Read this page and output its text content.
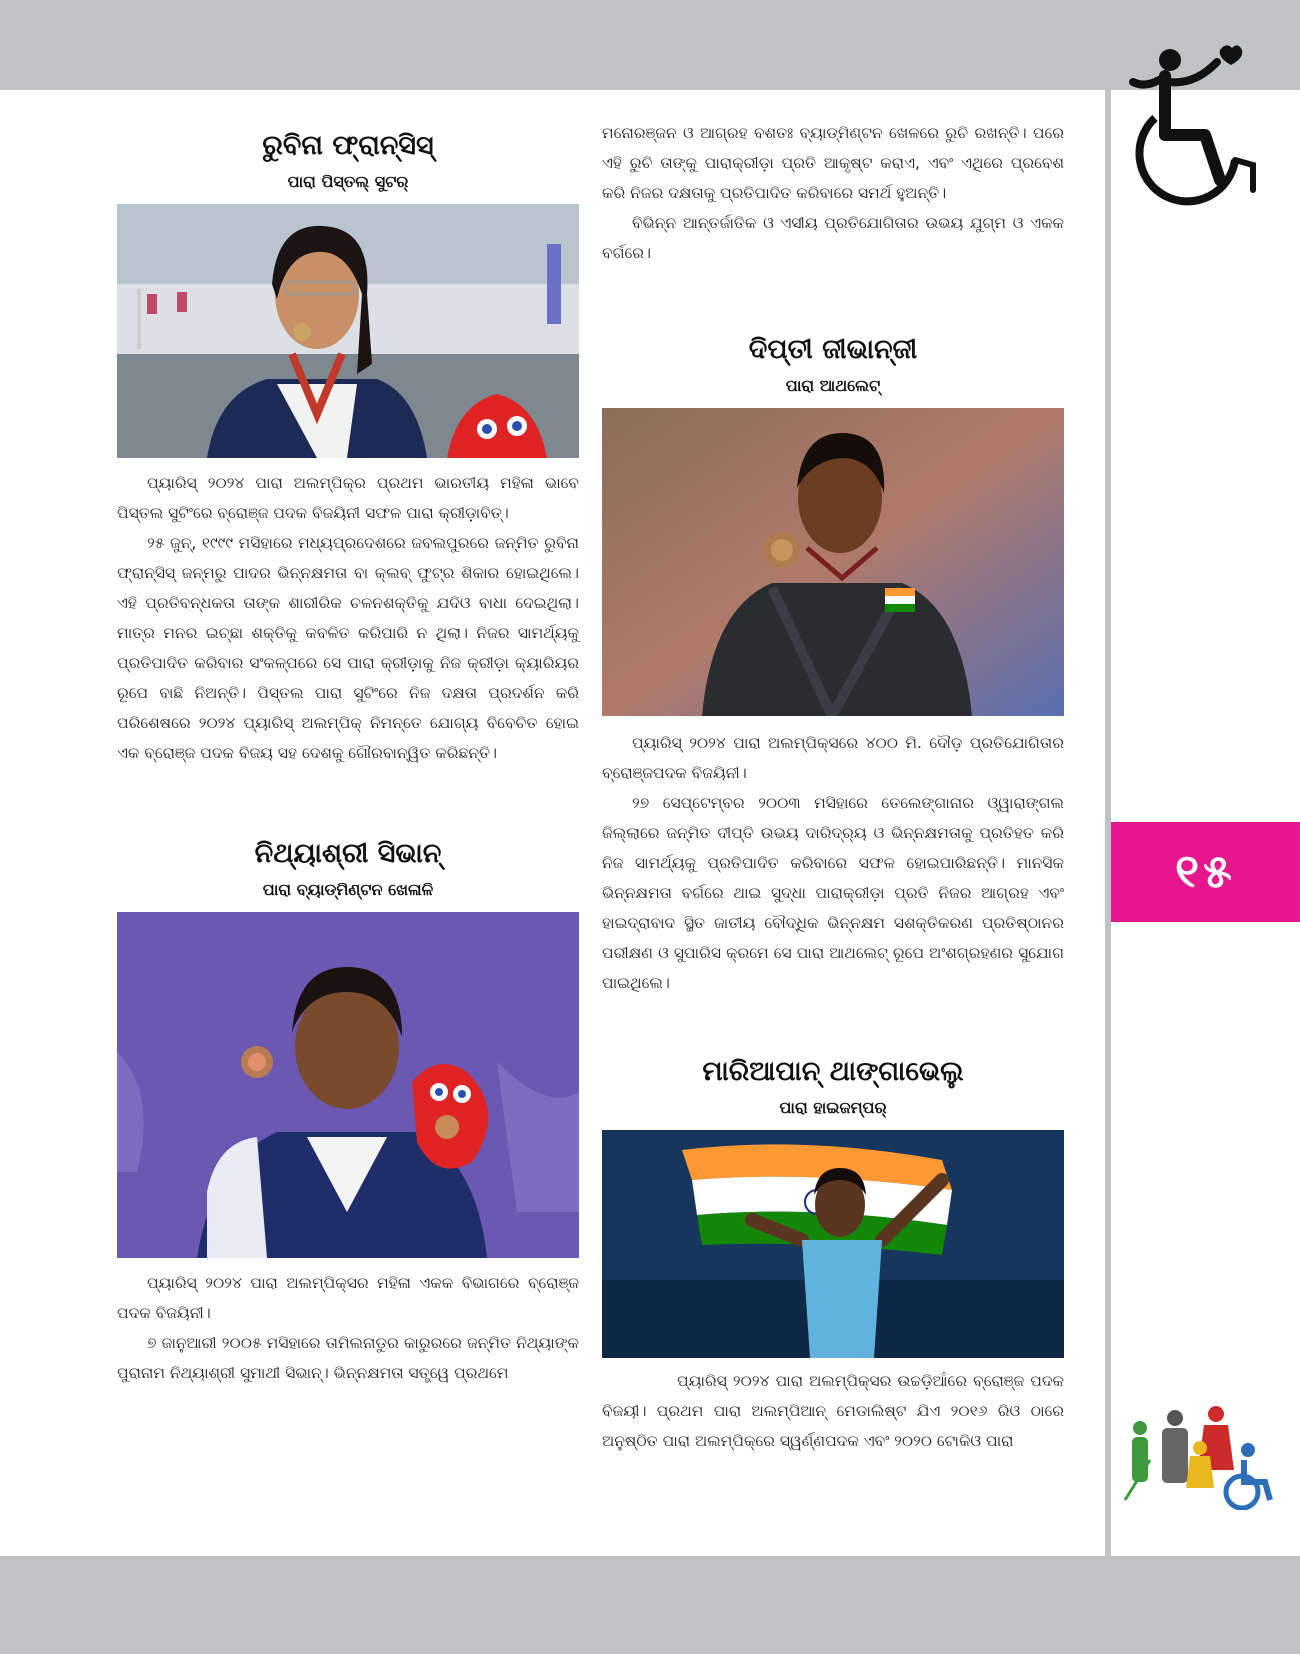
୧୫
ରୁବିନା ଫ୍ରାନ୍ସିସ୍
ପାରା ପିସ୍ତଲ୍ ସୁଟର୍

ପ୍ୟାରିସ୍ ୨୦୨୪ ପାରା ଅଲମ୍ପିକ୍‌ର ପ୍ରଥମ ଭାରତୀୟ ମହିଳା ଭାବେ ପିସ୍ତଲ ସୁଟିଂରେ ବ୍ରୋଞ୍ଜ ପଦକ ବିଜୟିନୀ ସଫଳ ପାରା କ୍ରୀଡ଼ାବିତ୍।

୨୫ ଜୁନ୍, ୧୯୯୯ ମସିହାରେ ମଧ୍ୟପ୍ରଦେଶରେ ଜବଲପୁରରେ ଜନ୍ମିତ ରୁବିନା ଫ୍ରାନ୍ସିସ୍ ଜନ୍ମରୁ ପାଦର ଭିନ୍ନକ୍ଷମତା ବା କ୍ଲବ୍ ଫୁଟ୍‌ର ଶିକାର ହୋଇଥିଲେ। ଏହି ପ୍ରତିବନ୍ଧକତା ତାଙ୍କ ଶାରୀରିକ ଚଳନଶକ୍ତିକୁ ଯଦିଓ ବାଧା ଦେଇଥିଲା। ମାତ୍ର ମନର ଇଚ୍ଛା ଶକ୍ତିକୁ କବଳିତ କରିପାରି ନ ଥିଲା। ନିଜର ସାମର୍ଥ୍ୟକୁ ପ୍ରତିପାଦିତ କରିବାର ସଂକଳ୍ପରେ ସେ ପାରା କ୍ରୀଡ଼ାକୁ ନିଜ କ୍ରୀଡ଼ା କ୍ୟାରିୟର ରୂପେ ବାଛି ନିଅନ୍ତି। ପିସ୍ତଲ ପାରା ସୁଟିଂରେ ନିଜ ଦକ୍ଷତା ପ୍ରଦର୍ଶନ କରି ପରିଶେଷରେ ୨୦୨୪ ପ୍ୟାରିସ୍ ଅଲମ୍ପିକ୍ ନିମନ୍ତେ ଯୋଗ୍ୟ ବିବେଚିତ ହୋଇ ଏକ ବ୍ରୋଞ୍ଜ ପଦକ ବିଜୟ ସହ ଦେଶକୁ ଗୌରବାନ୍ୱିତ କରିଛନ୍ତି।

ନିଥ୍ୟାଶ୍ରୀ ସିଭାନ୍
ପାରା ବ୍ୟାଡ୍‌ମିଣ୍ଟନ ଖେଳାଳି

ପ୍ୟାରିସ୍ ୨୦୨୪ ପାରା ଅଲମ୍ପିକ୍ସର ମହିଳା ଏକକ ବିଭାଗରେ ବ୍ରୋଞ୍ଜ ପଦକ ବିଜୟିନୀ।

୭ ଜାନୁଆରୀ ୨୦୦୫ ମସିହାରେ ତାମିଲନାଡୁର କାରୁରରେ ଜନ୍ମିତ ନିଥ୍ୟାଙ୍କ ପୁରାନାମ ନିଥ୍ୟାଶ୍ରୀ ସୁମାଥୀ ସିଭାନ୍। ଭିନ୍ନକ୍ଷମତା ସତ୍ତ୍ୱେ ପ୍ରଥମେ

ମନୋରଞ୍ଜନ ଓ ଆଗ୍ରହ ବଶତଃ ବ୍ୟାଡ୍‌ମିଣ୍ଟନ ଖେଳରେ ରୁଚି ରଖନ୍ତି। ପରେ ଏହି ରୁଚି ତାଙ୍କୁ ପାରାକ୍ରୀଡ଼ା ପ୍ରତି ଆକୃଷ୍ଟ କରାଏ, ଏବଂ ଏଥିରେ ପ୍ରବେଶ କରି ନିଜର ଦକ୍ଷତାକୁ ପ୍ରତିପାଦିତ କରିବାରେ ସମର୍ଥ ହୁଅନ୍ତି।

ବିଭିନ୍ନ ଆନ୍ତର୍ଜାତିକ ଓ ଏସୀୟ ପ୍ରତିଯୋଗିତାର ଉଭୟ ଯୁଗ୍ମ ଓ ଏକକ ବର୍ଗରେ।

ଦିପ୍ତୀ ଜୀଭାନ୍‌ଜୀ
ପାରା ଆଥଲେଟ୍

ପ୍ୟାରିସ୍ ୨୦୨୪ ପାରା ଅଲମ୍ପିକ୍ସରେ ୪୦୦ ମି. ଦୌଡ଼ ପ୍ରତିଯୋଗିତାର ବ୍ରୋଞ୍ଜପଦକ ବିଜୟିନୀ।

୨୭ ସେପ୍ଟେମ୍ବର ୨୦୦୩ ମସିହାରେ ତେଲେଙ୍ଗାନାର ଓ୍ୱାରାଙ୍ଗଲ ଜିଲ୍ଲାରେ ଜନ୍ମିତ ଦୀପ୍ତି ଉଭୟ ଦାରିଦ୍ର୍ୟ ଓ ଭିନ୍ନକ୍ଷମତାକୁ ପ୍ରତିହତ କରି ନିଜ ସାମର୍ଥ୍ୟକୁ ପ୍ରତିପାଦିତ କରିବାରେ ସଫଳ ହୋଇପାରିଛନ୍ତି। ମାନସିକ ଭିନ୍ନକ୍ଷମତା ବର୍ଗରେ ଥାଇ ସୁଦ୍ଧା ପାରାକ୍ରୀଡ଼ା ପ୍ରତି ନିଜର ଆଗ୍ରହ ଏବଂ ହାଇଦ୍ରାବାଦ ସ୍ଥିତ ଜାତୀୟ ବୌଦ୍ଧିକ ଭିନ୍ନକ୍ଷମ ସଶକ୍ତିକରଣ ପ୍ରତିଷ୍ଠାନର ପରୀକ୍ଷଣ ଓ ସୁପାରିସ କ୍ରମେ ସେ ପାରା ଆଥଲେଟ୍ ରୂପେ ଅଂଶଗ୍ରହଣର ସୁଯୋଗ ପାଇଥିଲେ।

ମାରିଆପାନ୍ ଥାଙ୍ଗାଭେଲୁ
ପାରା ହାଇଜମ୍ପର୍

ପ୍ୟାରିସ୍ ୨୦୨୪ ପାରା ଅଲମ୍ପିକ୍ସର ଉଚ୍ଚଡ଼ିଆଁରେ ବ୍ରୋଞ୍ଜ ପଦକ ବିଜୟୀ। ପ୍ରଥମ ପାରା ଅଲମ୍ପିଆନ୍ ମେଡାଲିଷ୍ଟ ଯିଏ ୨୦୧୬ ରିଓ ଠାରେ ଅନୁଷ୍ଠିତ ପାରା ଅଲମ୍ପିକ୍‌ରେ ସ୍ୱର୍ଣ୍ଣପଦକ ଏବଂ ୨୦୨୦ ଟୋକିଓ ପାରା
